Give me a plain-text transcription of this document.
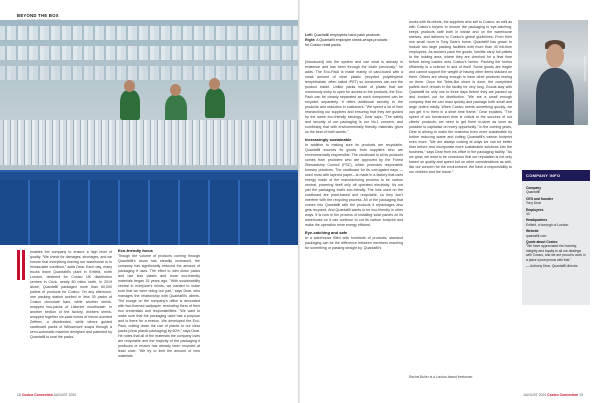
BEYOND THE BOX

enables the company to ensure a high level of quality. "We check for damages, shortages, and we ensure that everything leaving our warehouse is in immaculate condition," adds Dear. Each day, many trucks leave Quantafill's plant in Enfield, north London, destined for Costco UK distribution centres in Crick, nearly 80 miles north. In 2019 alone, Quantafill packaged more than 60,000 pallets of products for Costco. On any afternoon, one packing station worked in less 35 packs of Costco chocolate bars, while another shrink-wrapped two-packs of Listerine mouthwash. In another section of the factory, workers shrink-wrapped together six-pack boxes of lemon-scented Zeffirex, a disinfectant, while others guided cardboard packs of Willowmore soaps through a semi-automatic machine designed and patented by Quantafill to seal the packs.

Eco-friendly focus

Though the volume of products coming through Quantafill's doors has steadily increased, the company has significantly reduced the amount of packaging it uses. The effort to slim down packs and use less plastic and more eco-friendly materials began 15 years ago. "With sustainability central in everyone's minds, we wanted to make sure that we were doing our part," says Dear, who manages the relationship with Quantafill's clients. The lounge on the company's office is decorated with two-themed wallpaper, reminding them of their eco credentials and responsibilities. "We want to make sure that the packaging used has a purpose and is there for a reason. We developed the Eco-Pack, cutting down the use of plastic to our clear packs [clear plastic packaging] by 60%," says Dear. He notes that all of the materials the company uses are recyclable and the majority of the packaging it produces or reuses has already been recycled at least once. "We try to limit the amount of new materials

18 Costco Connection AUGUST 2020
Left: Quantafill employees hand pack products. Right: A Quantafill employee shrink-wraps products for Costco retail packs.

[introduced] into the system and use what is already in existence and has been through the chain previously," he adds. The Eco-Pack is made mainly of card-board with a small amount of clear plastic (recycled polyethylene terephthalate, often called rPET) so consumers can see the product inside. Unlike packs made of plastic that are notoriously tricky to open for access to the products, the Eco-Pack can be cleanly separated as each component can be recycled separately. It offers additional security to the products and reduction in costumers. "We spend a lot of time researching our suppliers and ensuring that they are guided by the same eco-friendly ideology," Dear says. "The safety and security of our packaging is our No.1 concern, and combining that with environmentally friendly materials gives us the best of both worlds."

Increasingly sustainable

In addition to making sure its products are recyclable, Quantafill sources its goods from suppliers who are environmentally responsible. The cardboard in all its products comes from providers who are approved by the Forest Stewardship Council (FSC), which promotes responsible forestry practices. The cardboard for its corrugated trays — used most with layered paper—is made in a factory that uses energy made of the manufacturing process to be carbon neutral, powering itself only off operated electricity. It's not just the packaging that's eco-friendly. The inks used on the cardboard are plant-based and recyclable, so they don't interfere with the recycling process. All of the packaging that comes into Quantafill with the products it repackages also gets recycled. And Quantafill wants to be eco-friendly in other ways. It is now in the process of installing solar panels on its warehouse so it can continue to cut its carbon footprint and make the operation more energy efficient.

Eye-catching and safe

In a warehouse filled with hundreds of products, standout packaging can be the difference between members reaching for something or passing straight by. Quantafill's

works with its clients, the suppliers who sell to Costco, as well as with Costco's buyers to ensure the packaging is eye-catching, keeps products safe both in transit and on the warehouse shelves, and adheres to Costco's global guidelines. From their one small room in Tony Dear's home, Quantafill has grown to include two large packing facilities with more than 40 full-time employees. As workers pack the goods, forklifts carry full pallets to the holding area, where they are checked for a final time before being loaded onto Costco's lorries. Packing the lorries efficiently is a science in and of itself. Some goods are fragile and cannot support the weight of having other items stacked on them. Others are strong enough to have other products resting on them. Once the Tetris-like chore is done, the completed pallets don't remain in the facility for very long. Goods stay with Quantafill for only one to three days before they are packed up and trucked out for distribution. "We are a small enough company that we can react quickly and package both small and large orders easily. When Costco needs something quickly, we can get it to them in a short time frame," Dear explains. "The speed of our turnaround time is critical to the success of our clients' products; we need to get them in-store as soon as possible to capitalise on every opportunity." In the coming years, Dear is aiming to make the business even more sustainable by further reducing waste and cutting Quantafill's carbon footprint even more. "We are always looking at ways we can be better than before and incorporate more sustainable solutions into the business," says Dear from his office in the packaging facility. "As we grow, we want to be conscious that our reputation is not only based on quality and speed but on other considerations as well, like our concern for the environment. We have a responsibility to our children and the future."

Costco Connection
COMPANY INFO
Company
Quantafill
CEO and founder
Tony Dear
Employees
40
Headquarters
Enfield, a borough of London
Website
quantafill.com
Quote about Costco
"We have appreciated the honesty, integrity and loyalty to all our dealings with Costco, and we are proud to work in a place synonymous with that."
— Anthony Dear, Quantafill director
Rachel Butler is a London-based freelancer.
AUGUST 2020 Costco Connection 19
